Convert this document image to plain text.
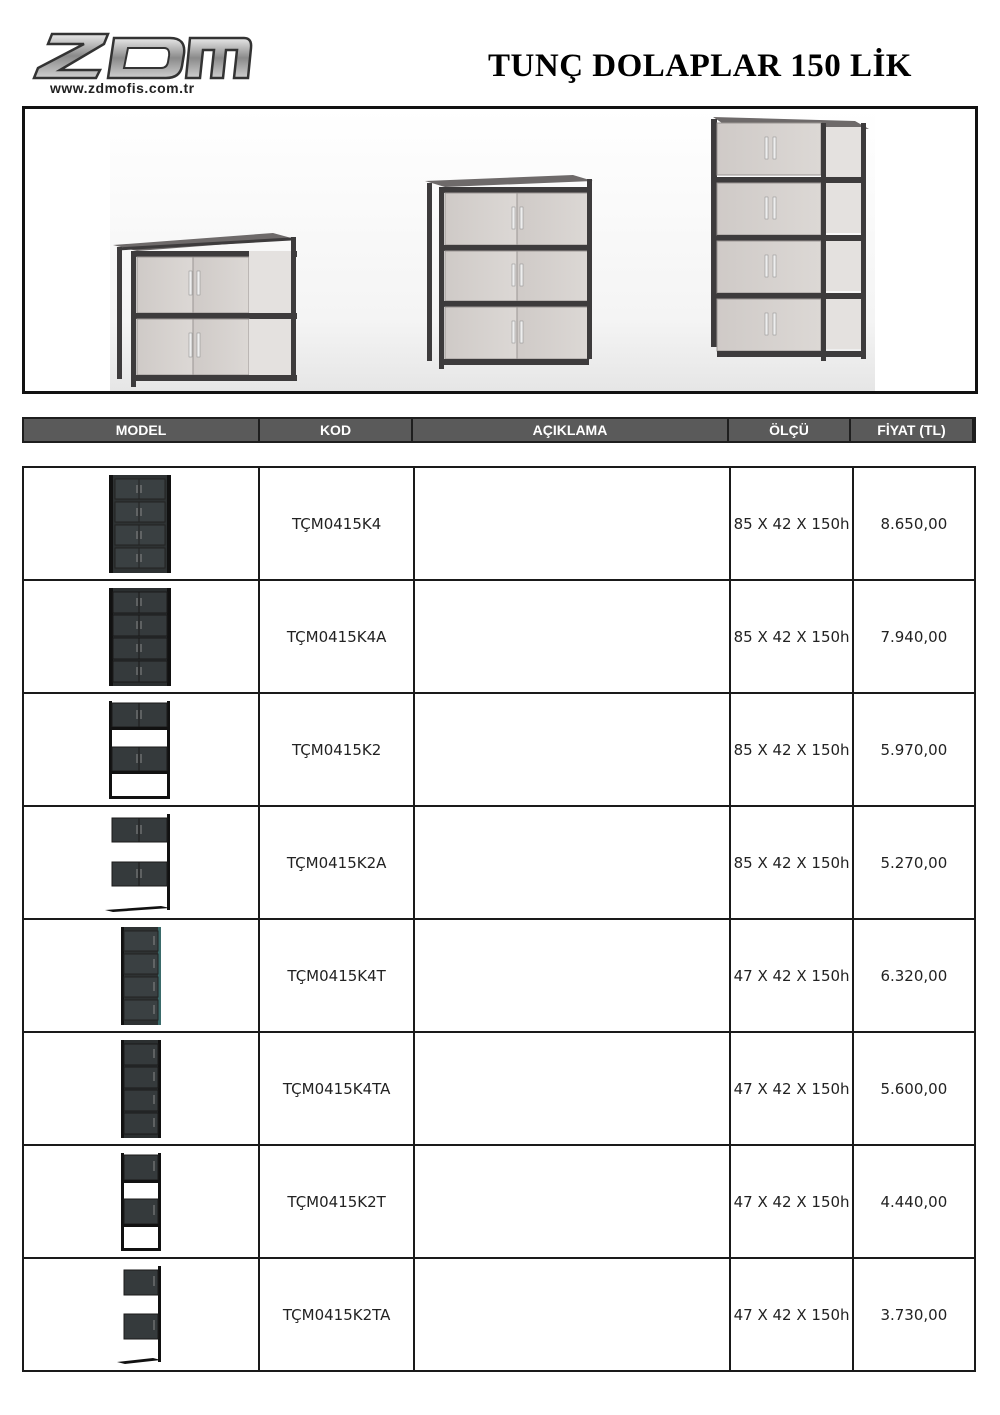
www.zdmofis.com.tr
TUNÇ DOLAPLAR 150 LİK
MODEL	KOD	AÇIKLAMA	ÖLÇÜ	FİYAT (TL)
	TÇM0415K4		85 X 42 X 150h	8.650,00

	TÇM0415K4A		85 X 42 X 150h	7.940,00

	TÇM0415K2		85 X 42 X 150h	5.970,00

	TÇM0415K2A		85 X 42 X 150h	5.270,00

	TÇM0415K4T		47 X 42 X 150h	6.320,00

	TÇM0415K4TA		47 X 42 X 150h	5.600,00

	TÇM0415K2T		47 X 42 X 150h	4.440,00

	TÇM0415K2TA		47 X 42 X 150h	3.730,00
